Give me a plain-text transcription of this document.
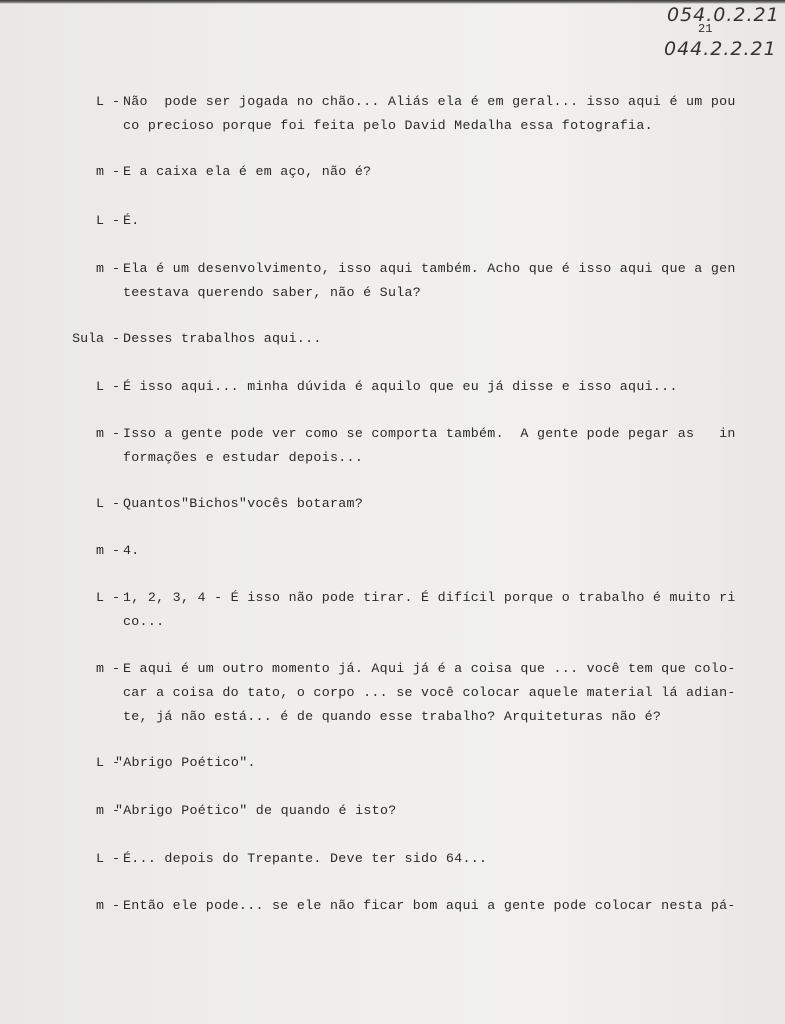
054.0.2.21
21
044.2.2.21
L - Não  pode ser jogada no chão... Aliás ela é em geral... isso aqui é um pou
co precioso porque foi feita pelo David Medalha essa fotografia.
m - E a caixa ela é em aço, não é?
L - É.
m - Ela é um desenvolvimento, isso aqui também. Acho que é isso aqui que a gen
teestava querendo saber, não é Sula?
Sula - Desses trabalhos aqui...
L - É isso aqui... minha dúvida é aquilo que eu já disse e isso aqui...
m - Isso a gente pode ver como se comporta também.  A gente pode pegar as   in
formações e estudar depois...
L - Quantos"Bichos"vocês botaram?
m - 4.
L - 1, 2, 3, 4 - É isso não pode tirar. É difícil porque o trabalho é muito ri
co...
m - E aqui é um outro momento já. Aqui já é a coisa que ... você tem que colo-
car a coisa do tato, o corpo ... se você colocar aquele material lá adian-
te, já não está... é de quando esse trabalho? Arquiteturas não é?
L -
"Abrigo Poético".
m -
"Abrigo Poético" de quando é isto?
L - É... depois do Trepante. Deve ter sido 64...
m - Então ele pode... se ele não ficar bom aqui a gente pode colocar nesta pá-
